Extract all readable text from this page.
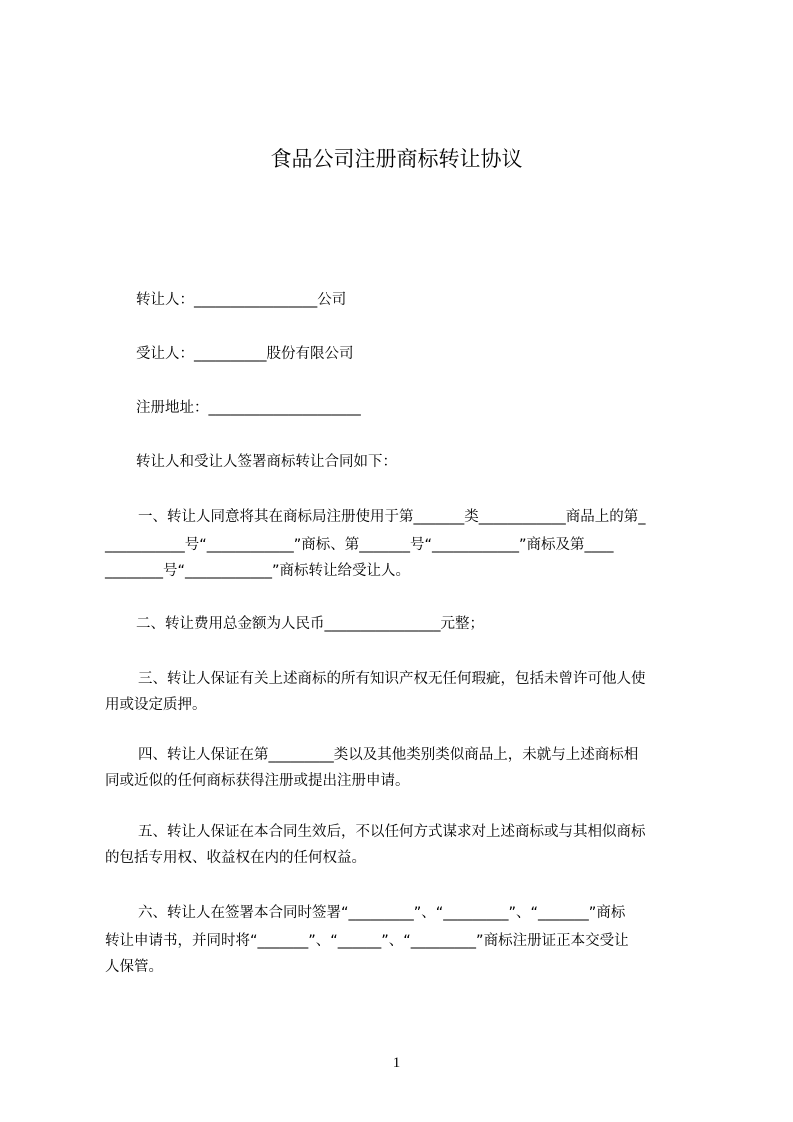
食品公司注册商标转让协议
转让人：_________________公司
受让人：__________股份有限公司
注册地址：_____________________
转让人和受让人签署商标转让合同如下：
一、转让人同意将其在商标局注册使用于第_______类____________商品上的第_
___________号“____________”商标、第_______号“____________”商标及第____
________号“____________”商标转让给受让人。
二、转让费用总金额为人民币________________元整；
三、转让人保证有关上述商标的所有知识产权无任何瑕疵，包括未曾许可他人使
用或设定质押。
四、转让人保证在第_________类以及其他类别类似商品上，未就与上述商标相
同或近似的任何商标获得注册或提出注册申请。
五、转让人保证在本合同生效后，不以任何方式谋求对上述商标或与其相似商标
的包括专用权、收益权在内的任何权益。
六、转让人在签署本合同时签署“_________”、“_________”、“_______”商标
转让申请书，并同时将“_______”、“______”、“_________”商标注册证正本交受让
人保管。
1
